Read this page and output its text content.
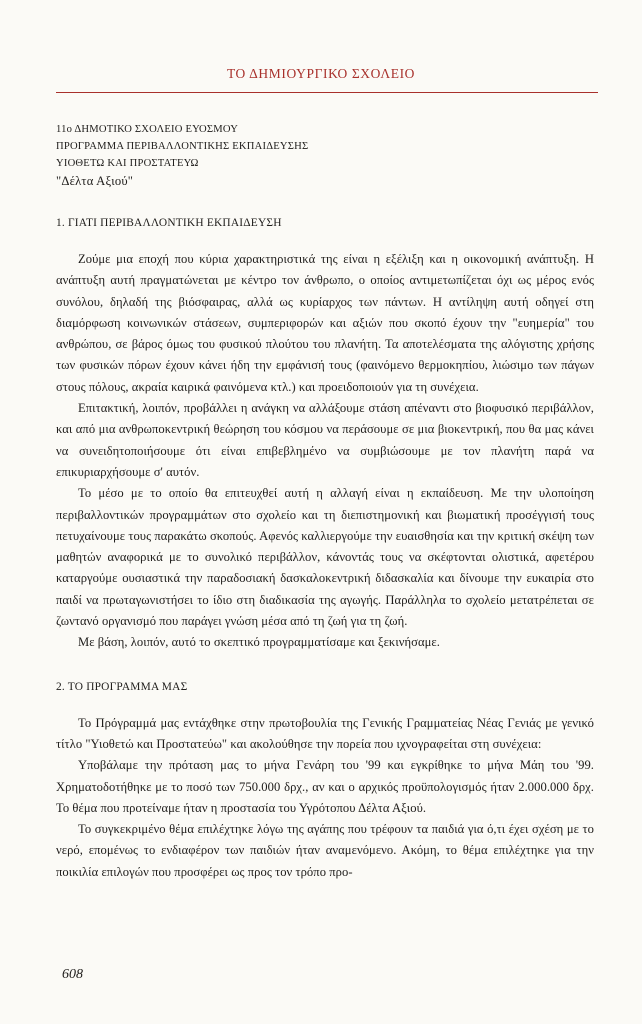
ΤΟ ΔΗΜΙΟΥΡΓΙΚΟ ΣΧΟΛΕΙΟ
11ο ΔΗΜΟΤΙΚΟ ΣΧΟΛΕΙΟ ΕΥΟΣΜΟΥ
ΠΡΟΓΡΑΜΜΑ ΠΕΡΙΒΑΛΛΟΝΤΙΚΗΣ ΕΚΠΑΙΔΕΥΣΗΣ
ΥΙΟΘΕΤΩ ΚΑΙ ΠΡΟΣΤΑΤΕΥΩ
"Δέλτα Αξιού"
1. ΓΙΑΤΙ ΠΕΡΙΒΑΛΛΟΝΤΙΚΗ ΕΚΠΑΙΔΕΥΣΗ

Ζούμε μια εποχή που κύρια χαρακτηριστικά της είναι η εξέλιξη και η οικονομική ανάπτυξη. Η ανάπτυξη αυτή πραγματώνεται με κέντρο τον άνθρωπο, ο οποίος αντιμετωπίζεται όχι ως μέρος ενός συνόλου, δηλαδή της βιόσφαιρας, αλλά ως κυρίαρχος των πάντων. Η αντίληψη αυτή οδηγεί στη διαμόρφωση κοινωνικών στάσεων, συμπεριφορών και αξιών που σκοπό έχουν την "ευημερία" του ανθρώπου, σε βάρος όμως του φυσικού πλούτου του πλανήτη. Τα αποτελέσματα της αλόγιστης χρήσης των φυσικών πόρων έχουν κάνει ήδη την εμφάνισή τους (φαινόμενο θερμοκηπίου, λιώσιμο των πάγων στους πόλους, ακραία καιρικά φαινόμενα κτλ.) και προειδοποιούν για τη συνέχεια.

Επιτακτική, λοιπόν, προβάλλει η ανάγκη να αλλάξουμε στάση απέναντι στο βιοφυσικό περιβάλλον, και από μια ανθρωποκεντρική θεώρηση του κόσμου να περάσουμε σε μια βιοκεντρική, που θα μας κάνει να συνειδητοποιήσουμε ότι είναι επιβεβλημένο να συμβιώσουμε με τον πλανήτη παρά να επικυριαρχήσουμε σ' αυτόν.

Το μέσο με το οποίο θα επιτευχθεί αυτή η αλλαγή είναι η εκπαίδευση. Με την υλοποίηση περιβαλλοντικών προγραμμάτων στο σχολείο και τη διεπιστημονική και βιωματική προσέγγισή τους πετυχαίνουμε τους παρακάτω σκοπούς. Αφενός καλλιεργούμε την ευαισθησία και την κριτική σκέψη των μαθητών αναφορικά με το συνολικό περιβάλλον, κάνοντάς τους να σκέφτονται ολιστικά, αφετέρου καταργούμε ουσιαστικά την παραδοσιακή δασκαλοκεντρική διδασκαλία και δίνουμε την ευκαιρία στο παιδί να πρωταγωνιστήσει το ίδιο στη διαδικασία της αγωγής. Παράλληλα το σχολείο μετατρέπεται σε ζωντανό οργανισμό που παράγει γνώση μέσα από τη ζωή για τη ζωή.

Με βάση, λοιπόν, αυτό το σκεπτικό προγραμματίσαμε και ξεκινήσαμε.

2. ΤΟ ΠΡΟΓΡΑΜΜΑ ΜΑΣ

Το Πρόγραμμά μας εντάχθηκε στην πρωτοβουλία της Γενικής Γραμματείας Νέας Γενιάς με γενικό τίτλο "Υιοθετώ και Προστατεύω" και ακολούθησε την πορεία που ιχνογραφείται στη συνέχεια:

Υποβάλαμε την πρόταση μας το μήνα Γενάρη του '99 και εγκρίθηκε το μήνα Μάη του '99. Χρηματοδοτήθηκε με το ποσό των 750.000 δρχ., αν και ο αρχικός προϋπολογισμός ήταν 2.000.000 δρχ. Το θέμα που προτείναμε ήταν η προστασία του Υγρότοπου Δέλτα Αξιού.

Το συγκεκριμένο θέμα επιλέχτηκε λόγω της αγάπης που τρέφουν τα παιδιά για ό,τι έχει σχέση με το νερό, επομένως το ενδιαφέρον των παιδιών ήταν αναμενόμενο. Ακόμη, το θέμα επιλέχτηκε για την ποικιλία επιλογών που προσφέρει ως προς τον τρόπο προ-

608
